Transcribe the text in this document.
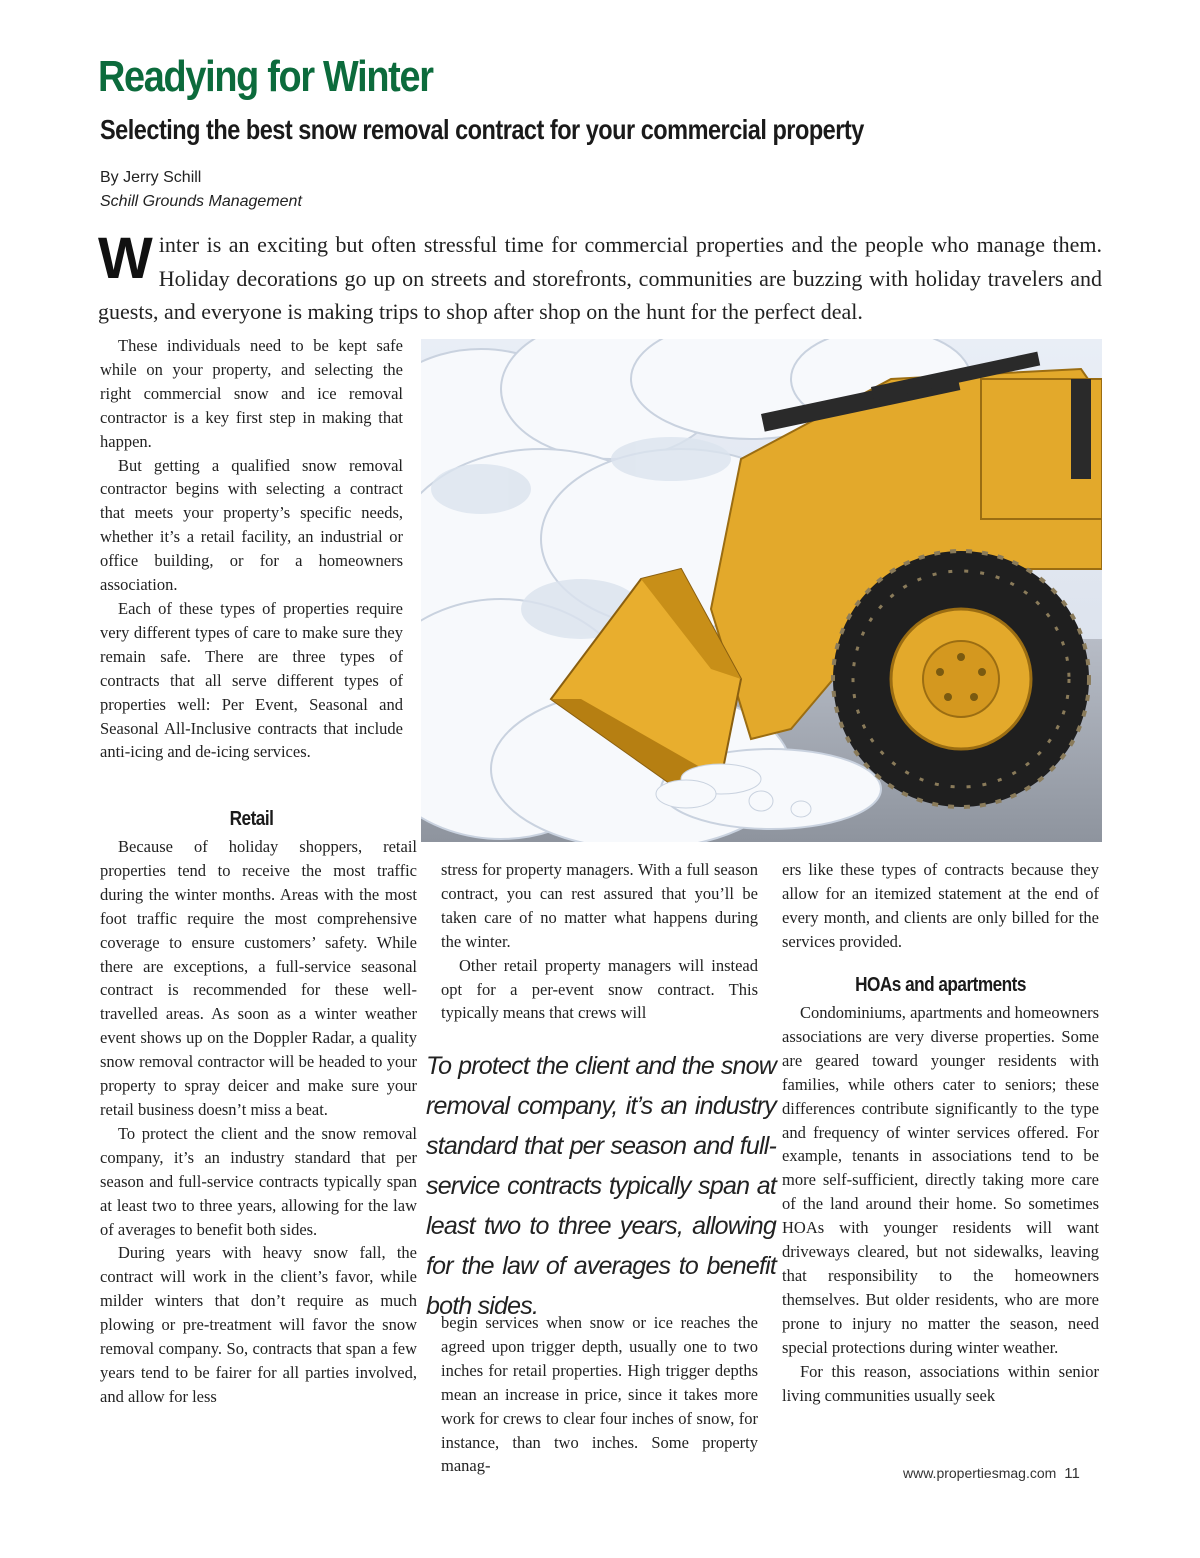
Readying for Winter
Selecting the best snow removal contract for your commercial property
By Jerry Schill
Schill Grounds Management

Winter is an exciting but often stressful time for commercial properties and the people who manage them. Holiday decorations go up on streets and storefronts, communities are buzzing with holiday travelers and guests, and everyone is making trips to shop after shop on the hunt for the perfect deal.

These individuals need to be kept safe while on your property, and selecting the right commercial snow and ice removal contractor is a key first step in making that happen.

But getting a qualified snow removal contractor begins with selecting a contract that meets your property’s specific needs, whether it’s a retail facility, an industrial or office building, or for a homeowners association.

Each of these types of properties require very different types of care to make sure they remain safe. There are three types of contracts that all serve different types of properties well: Per Event, Seasonal and Seasonal All-Inclusive contracts that include anti-icing and de-icing services.

Retail

Because of holiday shoppers, retail properties tend to receive the most traffic during the winter months. Areas with the most foot traffic require the most comprehensive coverage to ensure customers’ safety. While there are exceptions, a full-service seasonal contract is recommended for these well-travelled areas. As soon as a winter weather event shows up on the Doppler Radar, a quality snow removal contractor will be headed to your property to spray deicer and make sure your retail business doesn’t miss a beat.

To protect the client and the snow removal company, it’s an industry standard that per season and full-service contracts typically span at least two to three years, allowing for the law of averages to benefit both sides.

During years with heavy snow fall, the contract will work in the client’s favor, while milder winters that don’t require as much plowing or pre-treatment will favor the snow removal company. So, contracts that span a few years tend to be fairer for all parties involved, and allow for less

stress for property managers. With a full season contract, you can rest assured that you’ll be taken care of no matter what happens during the winter.

Other retail property managers will instead opt for a per-event snow contract. This typically means that crews will

To protect the client and the snow removal company, it’s an industry standard that per season and full-service contracts typically span at least two to three years, allowing for the law of averages to benefit both sides.

begin services when snow or ice reaches the agreed upon trigger depth, usually one to two inches for retail properties. High trigger depths mean an increase in price, since it takes more work for crews to clear four inches of snow, for instance, than two inches. Some property manag-

ers like these types of contracts because they allow for an itemized statement at the end of every month, and clients are only billed for the services provided.

HOAs and apartments

Condominiums, apartments and homeowners associations are very diverse properties. Some are geared toward younger residents with families, while others cater to seniors; these differences contribute significantly to the type and frequency of winter services offered. For example, tenants in associations tend to be more self-sufficient, directly taking more care of the land around their home. So sometimes HOAs with younger residents will want driveways cleared, but not sidewalks, leaving that responsibility to the homeowners themselves. But older residents, who are more prone to injury no matter the season, need special protections during winter weather.

For this reason, associations within senior living communities usually seek

www.propertiesmag.com 11
